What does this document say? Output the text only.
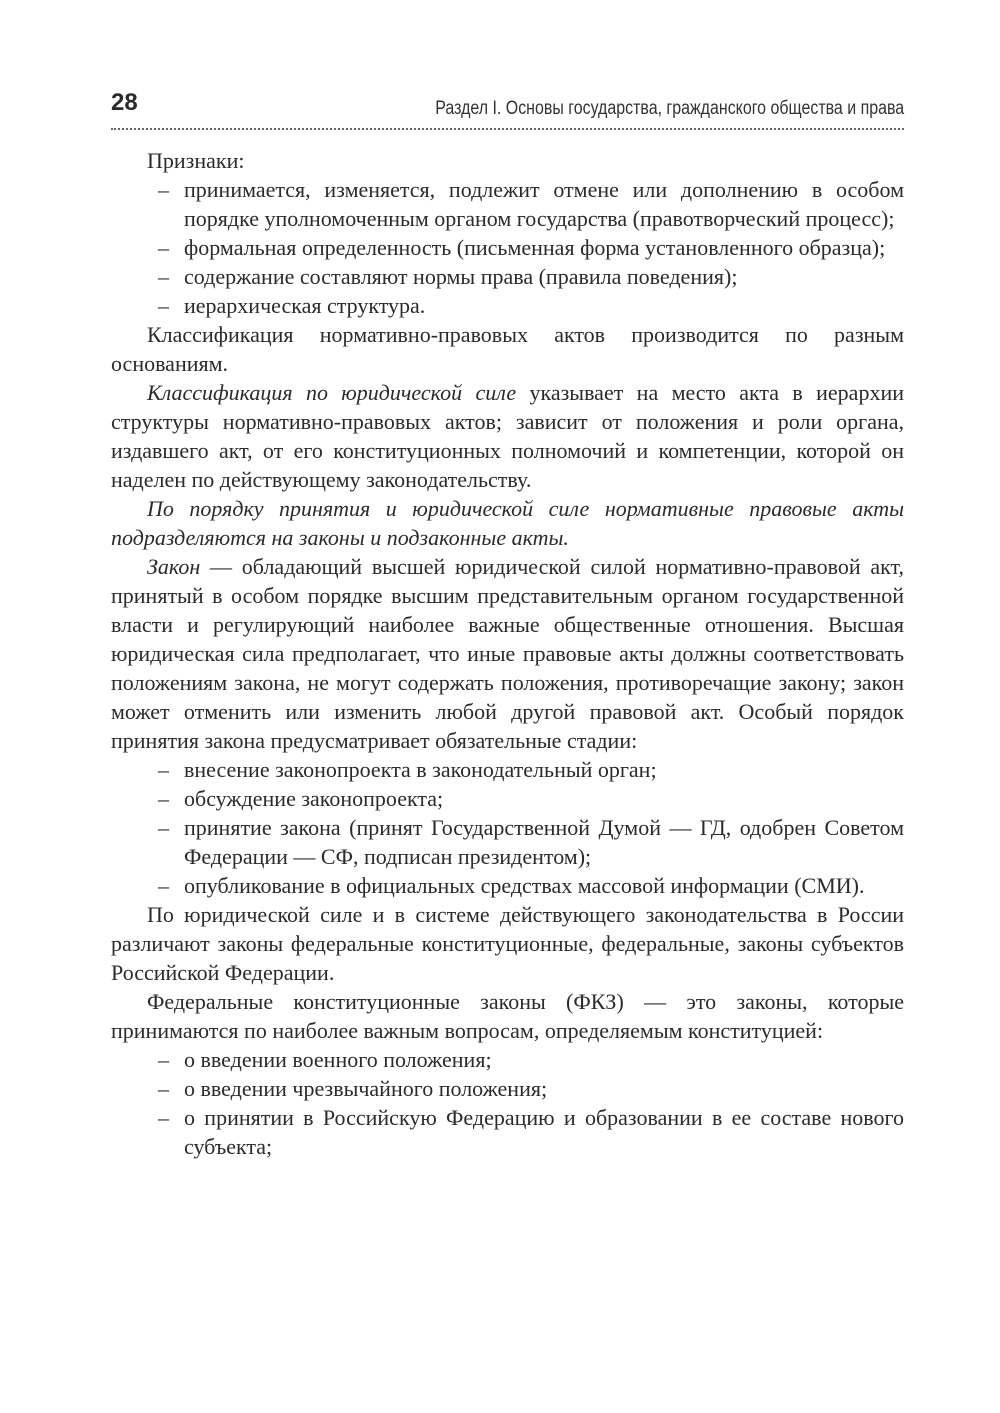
28	Раздел I. Основы государства, гражданского общества и права

Признаки:

– принимается, изменяется, подлежит отмене или дополнению в особом порядке уполномоченным органом государства (правотворческий процесс);
– формальная определенность (письменная форма установленного образца);
– содержание составляют нормы права (правила поведения);
– иерархическая структура.

Классификация нормативно-правовых актов производится по разным основаниям.

Классификация по юридической силе указывает на место акта в иерархии структуры нормативно-правовых актов; зависит от положения и роли органа, издавшего акт, от его конституционных полномочий и компетенции, которой он наделен по действующему законодательству.

По порядку принятия и юридической силе нормативные правовые акты подразделяются на законы и подзаконные акты.

Закон — обладающий высшей юридической силой нормативно-правовой акт, принятый в особом порядке высшим представительным органом государственной власти и регулирующий наиболее важные общественные отношения. Высшая юридическая сила предполагает, что иные правовые акты должны соответствовать положениям закона, не могут содержать положения, противоречащие закону; закон может отменить или изменить любой другой правовой акт. Особый порядок принятия закона предусматривает обязательные стадии:

– внесение законопроекта в законодательный орган;
– обсуждение законопроекта;
– принятие закона (принят Государственной Думой — ГД, одобрен Советом Федерации — СФ, подписан президентом);
– опубликование в официальных средствах массовой информации (СМИ).

По юридической силе и в системе действующего законодательства в России различают законы федеральные конституционные, федеральные, законы субъектов Российской Федерации.

Федеральные конституционные законы (ФКЗ) — это законы, которые принимаются по наиболее важным вопросам, определяемым конституцией:

– о введении военного положения;
– о введении чрезвычайного положения;
– о принятии в Российскую Федерацию и образовании в ее составе нового субъекта;
